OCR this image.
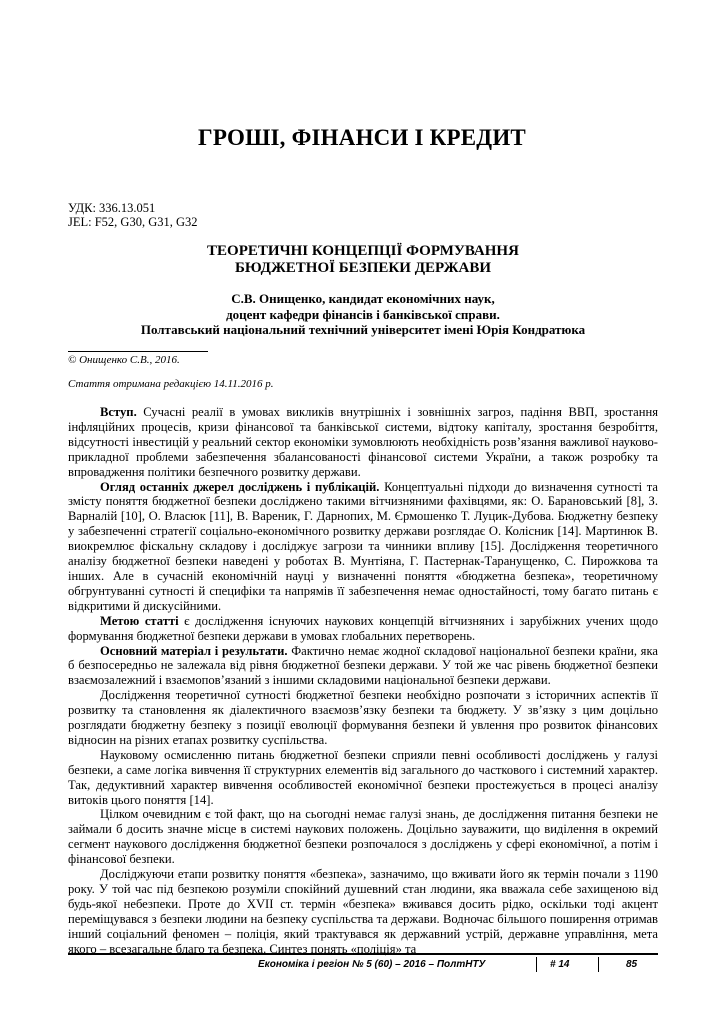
ГРОШІ, ФІНАНСИ І КРЕДИТ
УДК: 336.13.051
JEL: F52, G30, G31, G32
ТЕОРЕТИЧНІ КОНЦЕПЦІЇ ФОРМУВАННЯ
БЮДЖЕТНОЇ БЕЗПЕКИ ДЕРЖАВИ
С.В. Онищенко, кандидат економічних наук,
доцент кафедри фінансів і банківської справи.
Полтавський національний технічний університет імені Юрія Кондратюка
© Онищенко С.В., 2016.
Стаття отримана редакцією 14.11.2016 р.

Вступ. Сучасні реалії в умовах викликів внутрішніх і зовнішніх загроз, падіння ВВП, зростання інфляційних процесів, кризи фінансової та банківської системи, відтоку капіталу, зростання безробіття, відсутності інвестицій у реальний сектор економіки зумовлюють необхідність розв’язання важливої науково-прикладної проблеми забезпечення збалансованості фінансової системи України, а також розробку та впровадження політики безпечного розвитку держави.

Огляд останніх джерел досліджень і публікацій. Концептуальні підходи до визначення сутності та змісту поняття бюджетної безпеки досліджено такими вітчизняними фахівцями, як: О. Барановський [8], З. Варналій [10], О. Власюк [11], В. Вареник, Г. Дарнопих, М. Єрмошенко Т. Луцик-Дубова. Бюджетну безпеку у забезпеченні стратегії соціально-економічного розвитку держави розглядає О. Колісник [14]. Мартинюк В. виокремлює фіскальну складову і досліджує загрози та чинники впливу [15]. Дослідження теоретичного аналізу бюджетної безпеки наведені у роботах В. Мунтіяна, Г. Пастернак-Таранущенко, С. Пирожкова та інших. Але в сучасній економічній науці у визначенні поняття «бюджетна безпека», теоретичному обгрунтуванні сутності й специфіки та напрямів її забезпечення немає одностайності, тому багато питань є відкритими й дискусійними.

Метою статті є дослідження існуючих наукових концепцій вітчизняних і зарубіжних учених щодо формування бюджетної безпеки держави в умовах глобальних перетворень.

Основний матеріал і результати. Фактично немає жодної складової національної безпеки країни, яка б безпосередньо не залежала від рівня бюджетної безпеки держави. У той же час рівень бюджетної безпеки взаємозалежний і взаємопов’язаний з іншими складовими національної безпеки держави.

Дослідження теоретичної сутності бюджетної безпеки необхідно розпочати з історичних аспектів її розвитку та становлення як діалектичного взаємозв’язку безпеки та бюджету. У зв’язку з цим доцільно розглядати бюджетну безпеку з позиції еволюції формування безпеки й увлення про розвиток фінансових відносин на різних етапах розвитку суспільства.

Науковому осмисленню питань бюджетної безпеки сприяли певні особливості досліджень у галузі безпеки, а саме логіка вивчення її структурних елементів від загального до часткового і системний характер. Так, дедуктивний характер вивчення особливостей економічної безпеки простежується в процесі аналізу витоків цього поняття [14].

Цілком очевидним є той факт, що на сьогодні немає галузі знань, де дослідження питання безпеки не займали б досить значне місце в системі наукових положень. Доцільно зауважити, що виділення в окремий сегмент наукового дослідження бюджетної безпеки розпочалося з досліджень у сфері економічної, а потім і фінансової безпеки.

Досліджуючи етапи розвитку поняття «безпека», зазначимо, що вживати його як термін почали з 1190 року. У той час під безпекою розуміли спокійний душевний стан людини, яка вважала себе захищеною від будь-якої небезпеки. Проте до XVII ст. термін «безпека» вживався досить рідко, оскільки тоді акцент переміщувався з безпеки людини на безпеку суспільства та держави. Водночас більшого поширення отримав інший соціальний феномен – поліція, який трактувався як державний устрій, державне управління, мета якого – всезагальне благо та безпека. Синтез понять «поліція» та

Економіка і регіон № 5 (60) – 2016 – ПолтНТУ	# 14	85
